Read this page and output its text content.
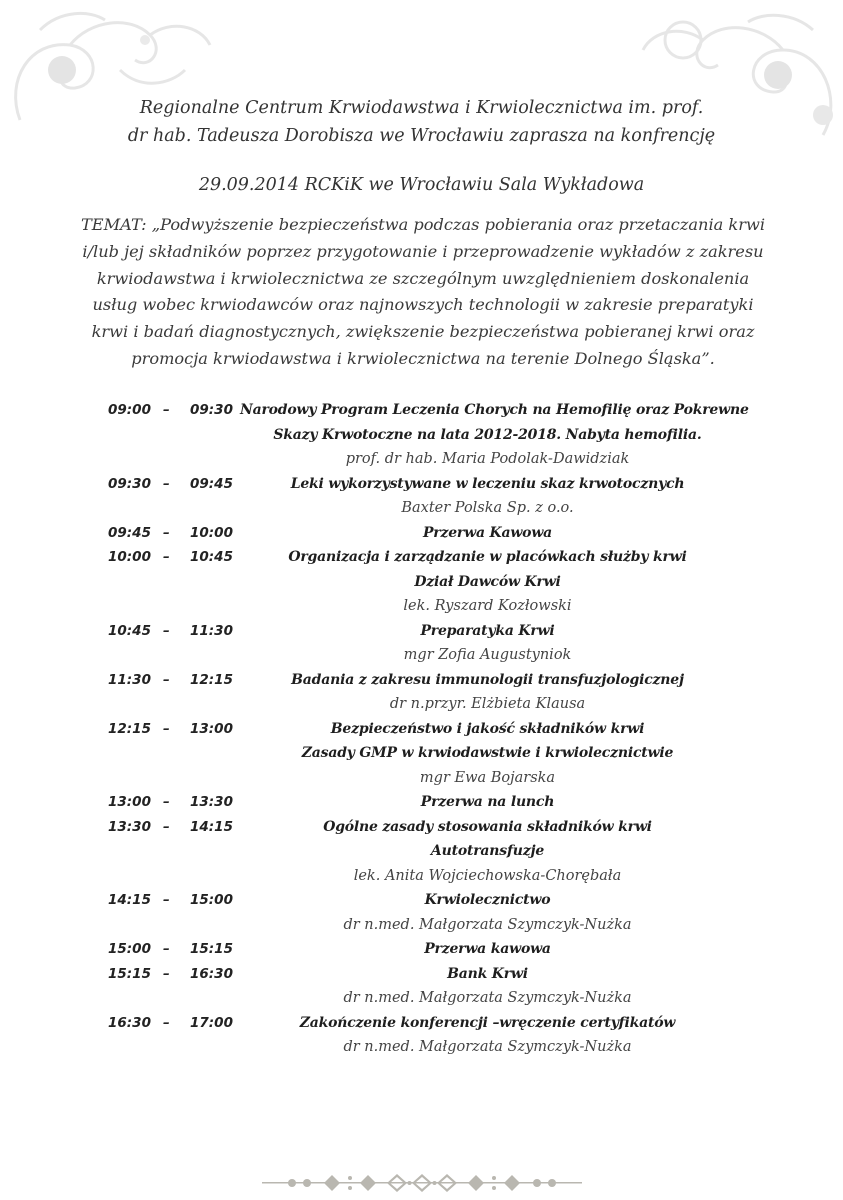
Regionalne Centrum Krwiodawstwa i Krwiolecznictwa im. prof.
dr hab. Tadeusza Dorobisza we Wrocławiu zaprasza na konfrencję
29.09.2014 RCKiK we Wrocławiu Sala Wykładowa
TEMAT: „Podwyższenie bezpieczeństwa podczas pobierania oraz przetaczania krwi
i/lub jej składników poprzez przygotowanie i przeprowadzenie wykładów z zakresu
krwiodawstwa i krwiolecznictwa ze szczególnym uwzględnieniem doskonalenia
usług wobec krwiodawców oraz najnowszych technologii w zakresie preparatyki
krwi i badań diagnostycznych, zwiększenie bezpieczeństwa pobieranej krwi oraz
promocja krwiodawstwa i krwiolecznictwa na terenie Dolnego Śląska”.
09:00 – 09:30 Narodowy Program Leczenia Chorych na Hemofilię oraz Pokrewne
Skazy Krwotoczne na lata 2012-2018. Nabyta hemofilia.
prof. dr hab. Maria Podolak-Dawidziak
09:30 – 09:45	Leki wykorzystywane w leczeniu skaz krwotocznych
Baxter Polska Sp. z o.o.
09:45 – 10:00	Przerwa Kawowa
10:00 – 10:45	Organizacja i zarządzanie w placówkach służby krwi
Dział Dawców Krwi
lek. Ryszard Kozłowski
10:45 – 11:30	Preparatyka Krwi
mgr Zofia Augustyniok
11:30 – 12:15	Badania z zakresu immunologii transfuzjologicznej
dr n.przyr. Elżbieta Klausa
12:15 – 13:00	Bezpieczeństwo i jakość składników krwi
Zasady GMP w krwiodawstwie i krwiolecznictwie
mgr Ewa Bojarska
13:00 – 13:30	Przerwa na lunch
13:30 – 14:15	Ogólne zasady stosowania składników krwi
Autotransfuzje
lek. Anita Wojciechowska-Chorębała
14:15 – 15:00	Krwiolecznictwo
dr n.med. Małgorzata Szymczyk-Nużka
15:00 – 15:15	Przerwa kawowa
15:15 – 16:30	Bank Krwi
dr n.med. Małgorzata Szymczyk-Nużka
16:30 – 17:00	Zakończenie konferencji –wręczenie certyfikatów
dr n.med. Małgorzata Szymczyk-Nużka
